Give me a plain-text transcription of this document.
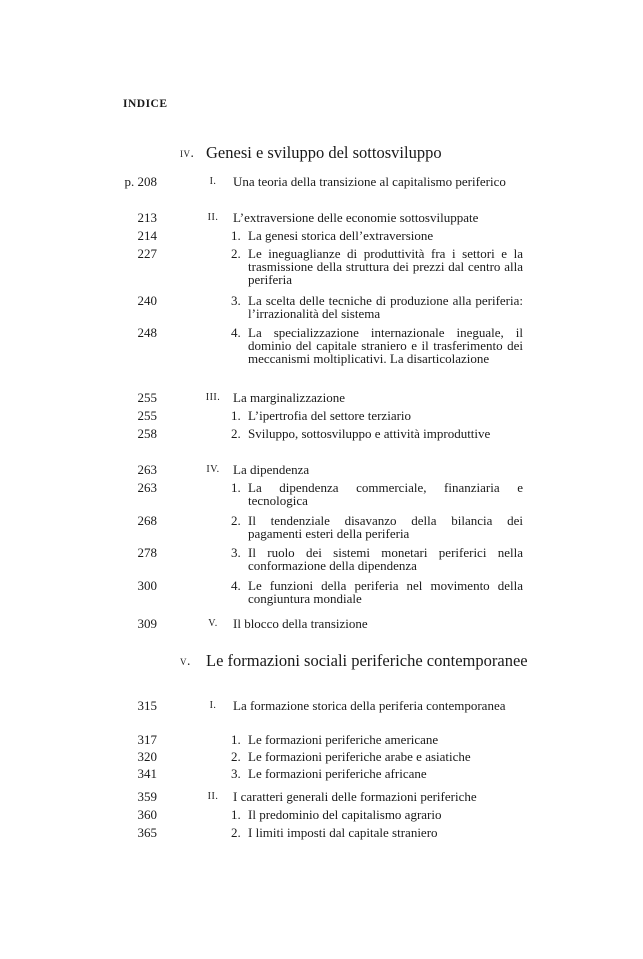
INDICE
iv. Genesi e sviluppo del sottosviluppo
p. 208	I.	Una teoria della transizione al capitalismo periferico
213	II.	L’extraversione delle economie sottosviluppate
214	1. La genesi storica dell’extraversione
227	2. Le ineguaglianze di produttività fra i settori e la trasmissione della struttura dei prezzi dal centro alla periferia
240	3. La scelta delle tecniche di produzione alla periferia: l’irrazionalità del sistema
248	4. La specializzazione internazionale ineguale, il dominio del capitale straniero e il trasferimento dei meccanismi moltiplicativi. La disarticolazione
255	III. La marginalizzazione
255	1. L’ipertrofia del settore terziario
258	2. Sviluppo, sottosviluppo e attività improduttive
263	IV.	La dipendenza
263	1. La dipendenza commerciale, finanziaria e tecnologica
268	2. Il tendenziale disavanzo della bilancia dei pagamenti esteri della periferia
278	3. Il ruolo dei sistemi monetari periferici nella conformazione della dipendenza
300	4. Le funzioni della periferia nel movimento della congiuntura mondiale
309	V.	Il blocco della transizione
v. Le formazioni sociali periferiche contemporanee
315	I.	La formazione storica della periferia contemporanea
317	1. Le formazioni periferiche americane
320	2. Le formazioni periferiche arabe e asiatiche
341	3. Le formazioni periferiche africane
359	II.	I caratteri generali delle formazioni periferiche
360	1. Il predominio del capitalismo agrario
365	2. I limiti imposti dal capitale straniero
